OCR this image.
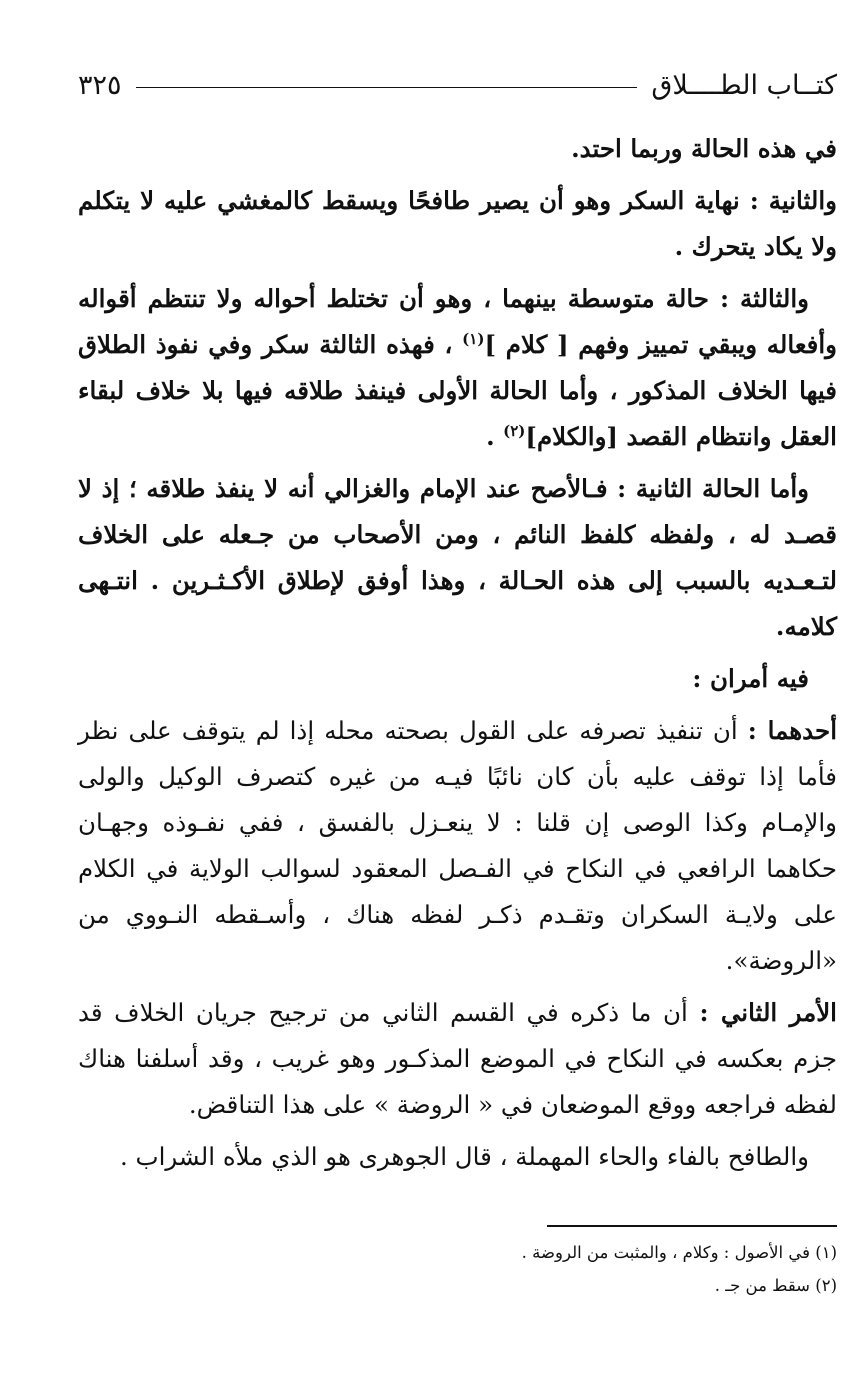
كتــاب الطــــلاق
٣٢٥

في هذه الحالة وربما احتد.

والثانية : نهاية السكر وهو أن يصير طافحًا ويسقط كالمغشي عليه لا يتكلم ولا يكاد يتحرك .

والثالثة : حالة متوسطة بينهما ، وهو أن تختلط أحواله ولا تنتظم أقواله وأفعاله ويبقي تمييز وفهم [ كلام ]$^{(١)}$ ، فهذه الثالثة سكر وفي نفوذ الطلاق فيها الخلاف المذكور ، وأما الحالة الأولى فينفذ طلاقه فيها بلا خلاف لبقاء العقل وانتظام القصد [والكلام]$^{(٢)}$ .

وأما الحالة الثانية : فـالأصح عند الإمام والغزالي أنه لا ينفذ طلاقه ؛ إذ لا قصـد له ، ولفظه كلفظ النائم ، ومن الأصحاب من جـعله على الخلاف لتـعـديه بالسبب إلى هذه الحـالة ، وهذا أوفق لإطلاق الأكـثـرين . انتـهى كلامه.

فيه أمران :

أحدهما : أن تنفيذ تصرفه على القول بصحته محله إذا لم يتوقف على نظر فأما إذا توقف عليه بأن كان نائبًا فيـه من غيره كتصرف الوكيل والولى والإمـام وكذا الوصى إن قلنا : لا ينعـزل بالفسق ، ففي نفـوذه وجهـان حكاهما الرافعي في النكاح في الفـصل المعقود لسوالب الولاية في الكلام على ولايـة السكران وتقـدم ذكـر لفظه هناك ، وأسـقطه النـووي من «الروضة».

الأمر الثاني : أن ما ذكره في القسم الثاني من ترجيح جريان الخلاف قد جزم بعكسه في النكاح في الموضع المذكـور وهو غريب ، وقد أسلفنا هناك لفظه فراجعه ووقع الموضعان في « الروضة » على هذا التناقض.

والطافح بالفاء والحاء المهملة ، قال الجوهرى هو الذي ملأه الشراب .

(١) في الأصول : وكلام ، والمثبت من الروضة .

(٢) سقط من جـ .
